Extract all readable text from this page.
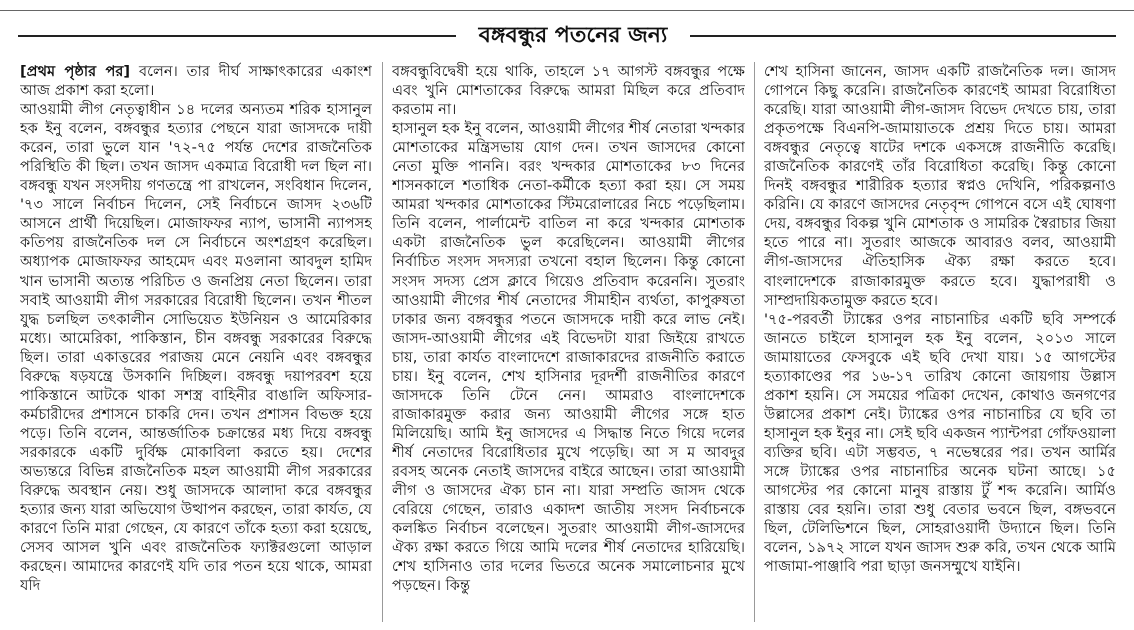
বঙ্গবন্ধুর পতনের জন্য

[প্রথম পৃষ্ঠার পর] বলেন। তার দীর্ঘ সাক্ষাৎকারের একাংশ আজ প্রকাশ করা হলো।

আওয়ামী লীগ নেতৃত্বাধীন ১৪ দলের অন্যতম শরিক হাসানুল হক ইনু বলেন, বঙ্গবন্ধুর হত্যার পেছনে যারা জাসদকে দায়ী করেন, তারা ভুলে যান '৭২-৭৫ পর্যন্ত দেশের রাজনৈতিক পরিস্থিতি কী ছিল। তখন জাসদ একমাত্র বিরোধী দল ছিল না। বঙ্গবন্ধু যখন সংসদীয় গণতন্ত্রে পা রাখলেন, সংবিধান দিলেন, '৭৩ সালে নির্বাচন দিলেন, সেই নির্বাচনে জাসদ ২৩৬টি আসনে প্রার্থী দিয়েছিল। মোজাফফর ন্যাপ, ভাসানী ন্যাপসহ কতিপয় রাজনৈতিক দল সে নির্বাচনে অংশগ্রহণ করেছিল। অধ্যাপক মোজাফফর আহমেদ এবং মওলানা আবদুল হামিদ খান ভাসানী অত্যন্ত পরিচিত ও জনপ্রিয় নেতা ছিলেন। তারা সবাই আওয়ামী লীগ সরকারের বিরোধী ছিলেন। তখন শীতল যুদ্ধ চলছিল তৎকালীন সোভিয়েত ইউনিয়ন ও আমেরিকার মধ্যে। আমেরিকা, পাকিস্তান, চীন বঙ্গবন্ধু সরকারের বিরুদ্ধে ছিল। তারা একাত্তরের পরাজয় মেনে নেয়নি এবং বঙ্গবন্ধুর বিরুদ্ধে ষড়যন্ত্রে উসকানি দিচ্ছিল। বঙ্গবন্ধু দয়াপরবশ হয়ে পাকিস্তানে আটকে থাকা সশস্ত্র বাহিনীর বাঙালি অফিসার-কর্মচারীদের প্রশাসনে চাকরি দেন। তখন প্রশাসন বিভক্ত হয়ে পড়ে। তিনি বলেন, আন্তর্জাতিক চক্রান্তের মধ্য দিয়ে বঙ্গবন্ধু সরকারকে একটি দুর্বিক্ষ মোকাবিলা করতে হয়। দেশের অভ্যন্তরে বিভিন্ন রাজনৈতিক মহল আওয়ামী লীগ সরকারের বিরুদ্ধে অবস্থান নেয়। শুধু জাসদকে আলাদা করে বঙ্গবন্ধুর হত্যার জন্য যারা অভিযোগ উত্থাপন করছেন, তারা কার্যত, যে কারণে তিনি মারা গেছেন, যে কারণে তাঁকে হত্যা করা হয়েছে, সেসব আসল খুনি এবং রাজনৈতিক ফ্যাক্টরগুলো আড়াল করছেন। আমাদের কারণেই যদি তার পতন হয়ে থাকে, আমরা যদি

বঙ্গবন্ধুবিদ্বেষী হয়ে থাকি, তাহলে ১৭ আগস্ট বঙ্গবন্ধুর পক্ষে এবং খুনি মোশতাকের বিরুদ্ধে আমরা মিছিল করে প্রতিবাদ করতাম না।

হাসানুল হক ইনু বলেন, আওয়ামী লীগের শীর্ষ নেতারা খন্দকার মোশতাকের মন্ত্রিসভায় যোগ দেন। তখন জাসদের কোনো নেতা মুক্তি পাননি। বরং খন্দকার মোশতাকের ৮৩ দিনের শাসনকালে শতাধিক নেতা-কর্মীকে হত্যা করা হয়। সে সময় আমরা খন্দকার মোশতাকের স্টিমরোলারের নিচে পড়েছিলাম। তিনি বলেন, পার্লামেন্ট বাতিল না করে খন্দকার মোশতাক একটা রাজনৈতিক ভুল করেছিলেন। আওয়ামী লীগের নির্বাচিত সংসদ সদস্যরা তখনো বহাল ছিলেন। কিন্তু কোনো সংসদ সদস্য প্রেস ক্লাবে গিয়েও প্রতিবাদ করেননি। সুতরাং আওয়ামী লীগের শীর্ষ নেতাদের সীমাহীন ব্যর্থতা, কাপুরুষতা ঢাকার জন্য বঙ্গবন্ধুর পতনে জাসদকে দায়ী করে লাভ নেই। জাসদ-আওয়ামী লীগের এই বিভেদটা যারা জিইয়ে রাখতে চায়, তারা কার্যত বাংলাদেশে রাজাকারদের রাজনীতি করাতে চায়। ইনু বলেন, শেখ হাসিনার দূরদর্শী রাজনীতির কারণে জাসদকে তিনি টেনে নেন। আমরাও বাংলাদেশকে রাজাকারমুক্ত করার জন্য আওয়ামী লীগের সঙ্গে হাত মিলিয়েছি। আমি ইনু জাসদের এ সিদ্ধান্ত নিতে গিয়ে দলের শীর্ষ নেতাদের বিরোধিতার মুখে পড়েছি। আ স ম আবদুর রবসহ অনেক নেতাই জাসদের বাইরে আছেন। তারা আওয়ামী লীগ ও জাসদের ঐক্য চান না। যারা সম্প্রতি জাসদ থেকে বেরিয়ে গেছেন, তারাও একাদশ জাতীয় সংসদ নির্বাচনকে কলঙ্কিত নির্বাচন বলেছেন। সুতরাং আওয়ামী লীগ-জাসদের ঐক্য রক্ষা করতে গিয়ে আমি দলের শীর্ষ নেতাদের হারিয়েছি। শেখ হাসিনাও তার দলের ভিতরে অনেক সমালোচনার মুখে পড়ছেন। কিন্তু

শেখ হাসিনা জানেন, জাসদ একটি রাজনৈতিক দল। জাসদ গোপনে কিছু করেনি। রাজনৈতিক কারণেই আমরা বিরোধিতা করেছি। যারা আওয়ামী লীগ-জাসদ বিভেদ দেখতে চায়, তারা প্রকৃতপক্ষে বিএনপি-জামায়াতকে প্রশ্রয় দিতে চায়। আমরা বঙ্গবন্ধুর নেতৃত্বে ষাটের দশকে একসঙ্গে রাজনীতি করেছি। রাজনৈতিক কারণেই তাঁর বিরোধিতা করেছি। কিন্তু কোনো দিনই বঙ্গবন্ধুর শারীরিক হত্যার স্বপ্নও দেখিনি, পরিকল্পনাও করিনি। যে কারণে জাসদের নেতৃবৃন্দ গোপনে বসে এই ঘোষণা দেয়, বঙ্গবন্ধুর বিকল্প খুনি মোশতাক ও সামরিক স্বৈরাচার জিয়া হতে পারে না। সুতরাং আজকে আবারও বলব, আওয়ামী লীগ-জাসদের ঐতিহাসিক ঐক্য রক্ষা করতে হবে। বাংলাদেশকে রাজাকারমুক্ত করতে হবে। যুদ্ধাপরাধী ও সাম্প্রদায়িকতামুক্ত করতে হবে।

'৭৫-পরবর্তী ট্যাঙ্কের ওপর নাচানাচির একটি ছবি সম্পর্কে জানতে চাইলে হাসানুল হক ইনু বলেন, ২০১৩ সালে জামায়াতের ফেসবুকে এই ছবি দেখা যায়। ১৫ আগস্টের হত্যাকাণ্ডের পর ১৬-১৭ তারিখ কোনো জায়গায় উল্লাস প্রকাশ হয়নি। সে সময়ের পত্রিকা দেখেন, কোথাও জনগণের উল্লাসের প্রকাশ নেই। ট্যাঙ্কের ওপর নাচানাচির যে ছবি তা হাসানুল হক ইনুর না। সেই ছবি একজন প্যান্টপরা গোঁফওয়ালা ব্যক্তির ছবি। এটা সম্ভবত, ৭ নভেম্বরের পর। তখন আর্মির সঙ্গে ট্যাঙ্কের ওপর নাচানাচির অনেক ঘটনা আছে। ১৫ আগস্টের পর কোনো মানুষ রাস্তায় টুঁ শব্দ করেনি। আর্মিও রাস্তায় বের হয়নি। তারা শুধু বেতার ভবনে ছিল, বঙ্গভবনে ছিল, টেলিভিশনে ছিল, সোহরাওয়ার্দী উদ্যানে ছিল। তিনি বলেন, ১৯৭২ সালে যখন জাসদ শুরু করি, তখন থেকে আমি পাজামা-পাঞ্জাবি পরা ছাড়া জনসম্মুখে যাইনি।
